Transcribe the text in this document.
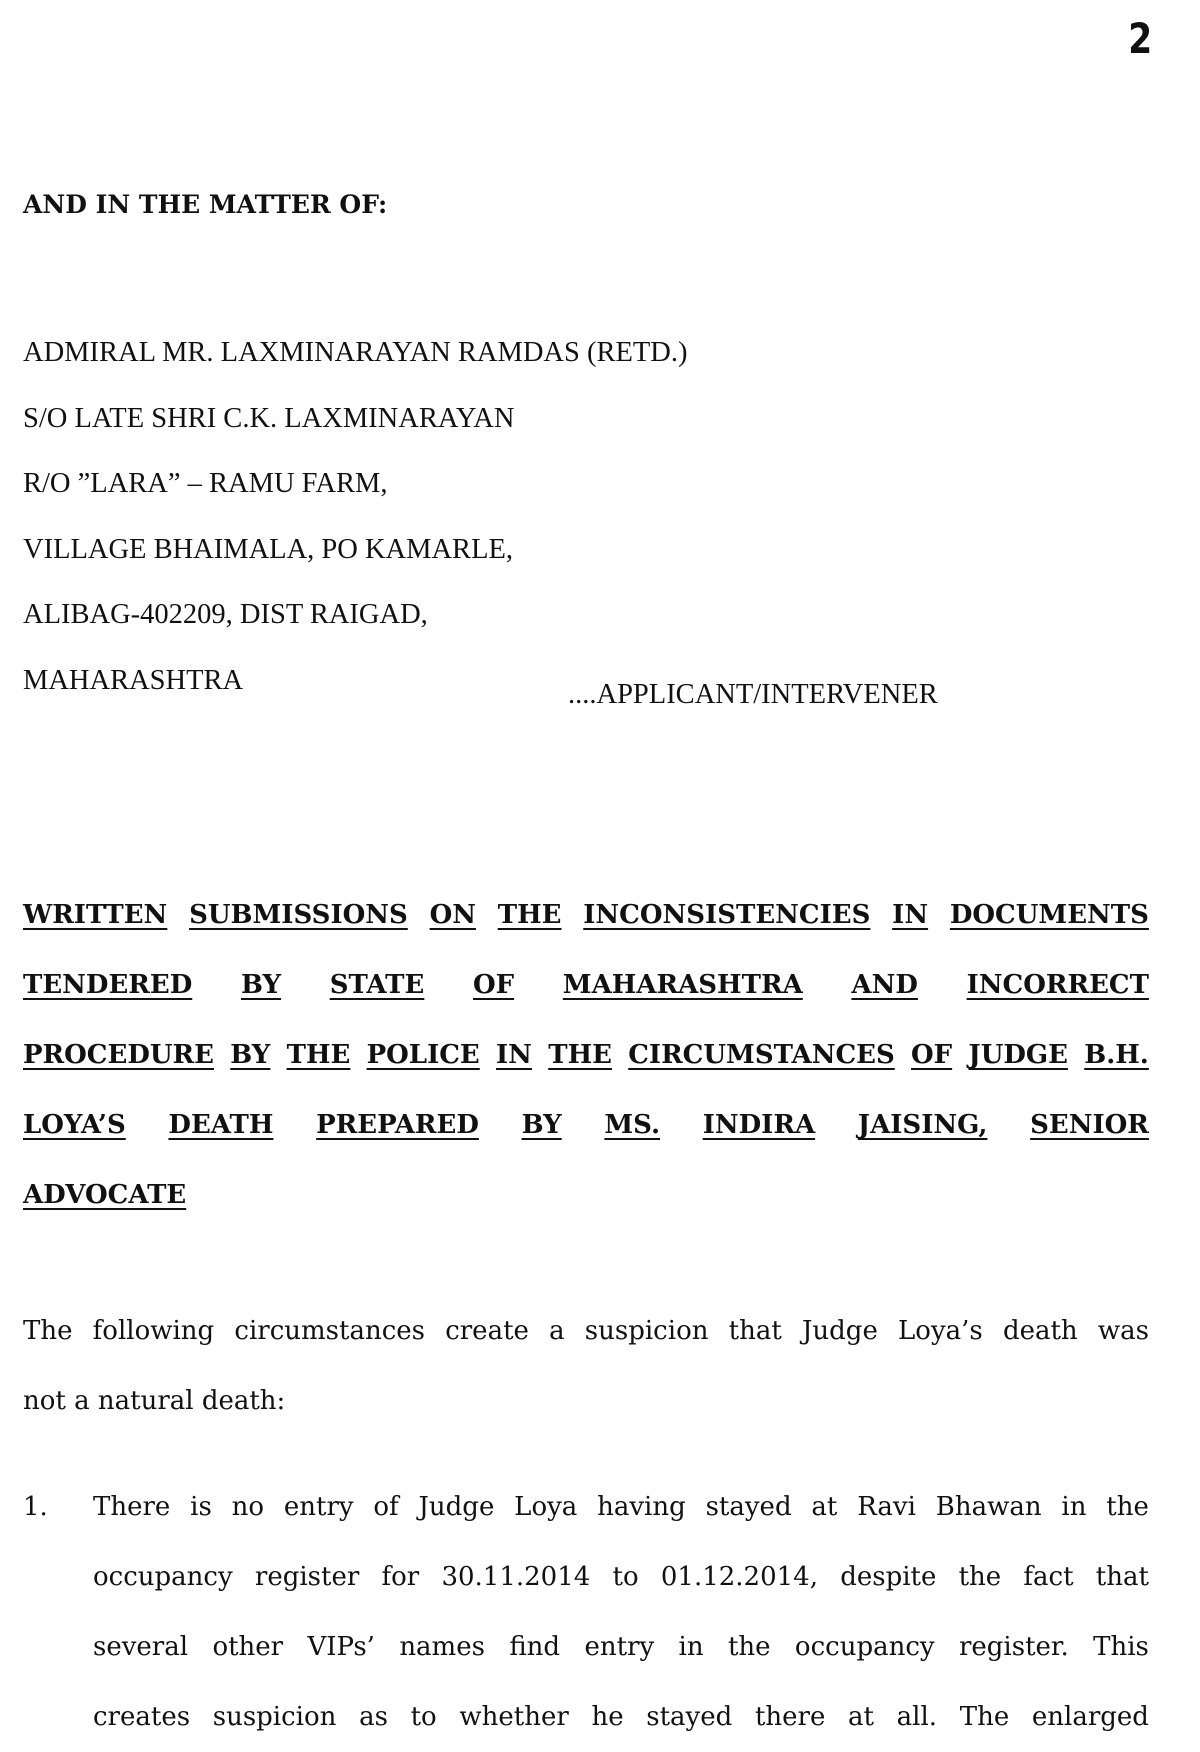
2
AND IN THE MATTER OF:
ADMIRAL MR. LAXMINARAYAN RAMDAS (RETD.)
S/O LATE SHRI C.K. LAXMINARAYAN
R/O ”LARA” – RAMU FARM,
VILLAGE BHAIMALA, PO KAMARLE,
ALIBAG-402209, DIST RAIGAD,
MAHARASHTRA	....APPLICANT/INTERVENER
WRITTEN SUBMISSIONS ON THE INCONSISTENCIES IN DOCUMENTS
TENDERED BY STATE OF MAHARASHTRA AND INCORRECT
PROCEDURE BY THE POLICE IN THE CIRCUMSTANCES OF JUDGE B.H.
LOYA’S DEATH PREPARED BY MS. INDIRA JAISING, SENIOR
ADVOCATE
The following circumstances create a suspicion that Judge Loya’s death was
not a natural death:
1. There is no entry of Judge Loya having stayed at Ravi Bhawan in the
occupancy register for 30.11.2014 to 01.12.2014, despite the fact that
several other VIPs’ names find entry in the occupancy register. This
creates suspicion as to whether he stayed there at all. The enlarged
